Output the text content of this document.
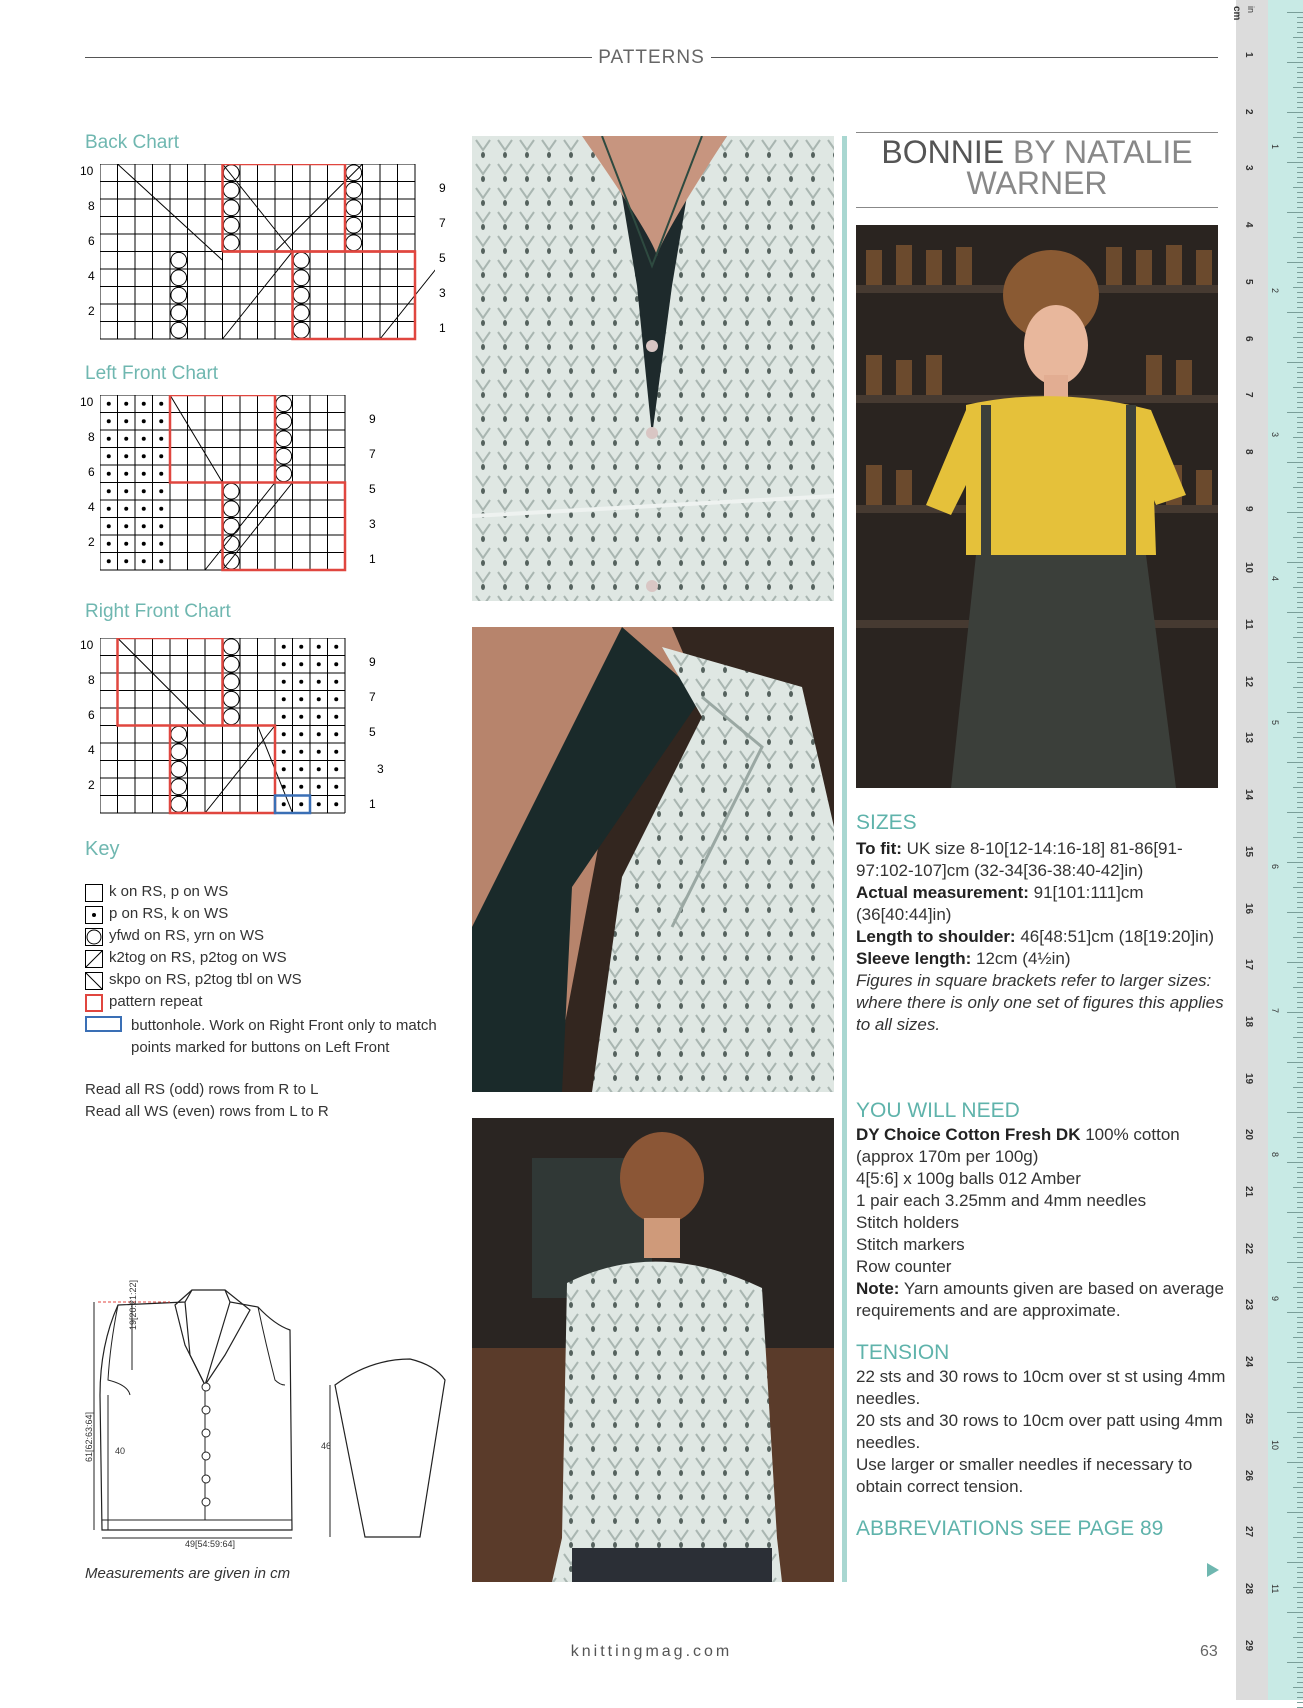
PATTERNS
Back Chart
Left Front Chart
Right Front Chart
10
8
6
4
2
9
7
5
3
1
10
8
6
4
2
9
7
5
3
1
10
8
6
4
2
9
7
5
3
1
Key
k on RS, p on WS
p on RS, k on WS
yfwd on RS, yrn on WS
k2tog on RS, p2tog on WS
skpo on RS, p2tog tbl on WS
pattern repeat
buttonhole. Work on Right Front only to match points marked for buttons on Left Front
Read all RS (odd) rows from R to L
Read all WS (even) rows from L to R
19[20:21:22]
61[62:63:64] 40
49[54:59:64]
46
Measurements are given in cm
BONNIE BY NATALIE WARNER
SIZES
To fit: UK size 8-10[12-14:16-18] 81-86[91-97:102-107]cm (32-34[36-38:40-42]in)
Actual measurement: 91[101:111]cm (36[40:44]in)
Length to shoulder: 46[48:51]cm (18[19:20]in)
Sleeve length: 12cm (4½in)
Figures in square brackets refer to larger sizes: where there is only one set of figures this applies to all sizes.
YOU WILL NEED
DY Choice Cotton Fresh DK 100% cotton (approx 170m per 100g)
4[5:6] x 100g balls 012 Amber
1 pair each 3.25mm and 4mm needles
Stitch holders
Stitch markers
Row counter
Note: Yarn amounts given are based on average requirements and are approximate.
TENSION
22 sts and 30 rows to 10cm over st st using 4mm needles.
20 sts and 30 rows to 10cm over patt using 4mm needles.
Use larger or smaller needles if necessary to obtain correct tension.
ABBREVIATIONS SEE PAGE 89
knittingmag.com	63
1
2
3
4
5
6
7
8
9
10
11
12
13
14
15
16
17
18
19
20
21
22
23
24
25
26
27
28
29
1
2
3
4
5
6
7
8
9
10
11
cm in
